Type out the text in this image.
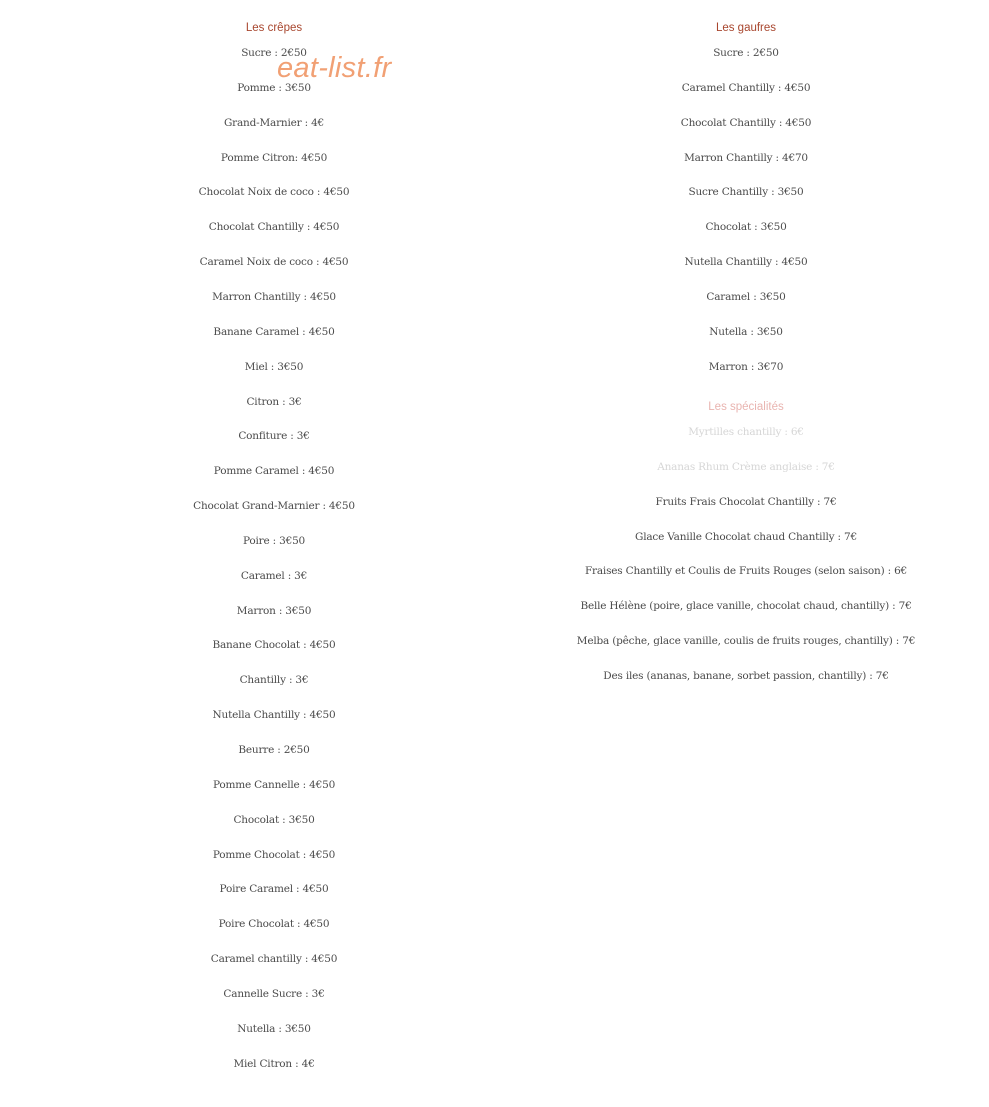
Les crêpes
Sucre : 2€50
Pomme : 3€50
Grand-Marnier : 4€
Pomme Citron: 4€50
Chocolat Noix de coco : 4€50
Chocolat Chantilly : 4€50
Caramel Noix de coco : 4€50
Marron Chantilly : 4€50
Banane Caramel : 4€50
Miel : 3€50
Citron : 3€
Confiture : 3€
Pomme Caramel : 4€50
Chocolat Grand-Marnier : 4€50
Poire : 3€50
Caramel : 3€
Marron : 3€50
Banane Chocolat : 4€50
Chantilly : 3€
Nutella Chantilly : 4€50
Beurre : 2€50
Pomme Cannelle : 4€50
Chocolat : 3€50
Pomme Chocolat : 4€50
Poire Caramel : 4€50
Poire Chocolat : 4€50
Caramel chantilly : 4€50
Cannelle Sucre : 3€
Nutella : 3€50
Miel Citron : 4€
Les gaufres
Sucre : 2€50
Caramel Chantilly : 4€50
Chocolat Chantilly : 4€50
Marron Chantilly : 4€70
Sucre Chantilly : 3€50
Chocolat : 3€50
Nutella Chantilly : 4€50
Caramel : 3€50
Nutella : 3€50
Marron : 3€70
Les spécialités
Myrtilles chantilly : 6€
Ananas Rhum Crème anglaise : 7€
Fruits Frais Chocolat Chantilly : 7€
Glace Vanille Chocolat chaud Chantilly : 7€
Fraises Chantilly et Coulis de Fruits Rouges (selon saison) : 6€
Belle Hélène (poire, glace vanille, chocolat chaud, chantilly) : 7€
Melba (pêche, glace vanille, coulis de fruits rouges, chantilly) : 7€
Des iles (ananas, banane, sorbet passion, chantilly) : 7€
eat-list.fr
